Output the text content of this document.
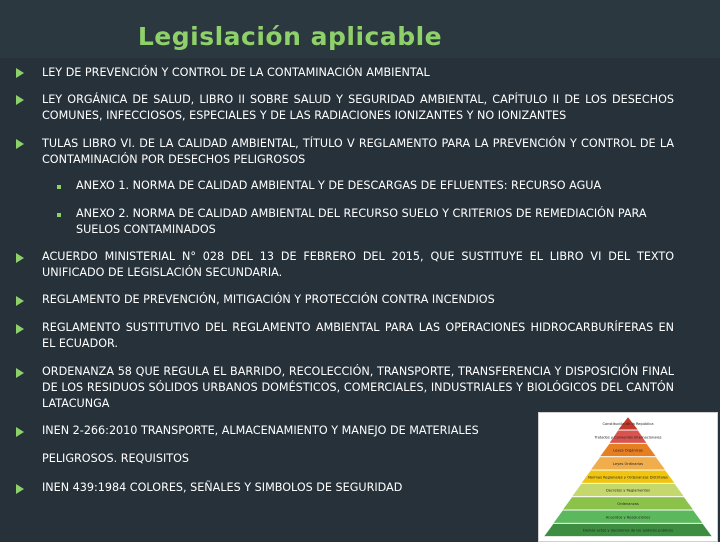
Legislación aplicable
LEY DE PREVENCIÓN Y CONTROL DE LA CONTAMINACIÓN AMBIENTAL
LEY ORGÁNICA DE SALUD, LIBRO II SOBRE SALUD Y SEGURIDAD AMBIENTAL, CAPÍTULO II DE LOS DESECHOS COMUNES, INFECCIOSOS, ESPECIALES Y DE LAS RADIACIONES IONIZANTES Y NO IONIZANTES
TULAS LIBRO VI. DE LA CALIDAD AMBIENTAL, TÍTULO V REGLAMENTO PARA LA PREVENCIÓN Y CONTROL DE LA CONTAMINACIÓN POR DESECHOS PELIGROSOS
ANEXO 1. NORMA DE CALIDAD AMBIENTAL Y DE DESCARGAS DE EFLUENTES: RECURSO AGUA
ANEXO 2. NORMA DE CALIDAD AMBIENTAL DEL RECURSO SUELO Y CRITERIOS DE REMEDIACIÓN PARA SUELOS CONTAMINADOS
ACUERDO MINISTERIAL N° 028 DEL 13 DE FEBRERO DEL 2015, QUE SUSTITUYE EL LIBRO VI DEL TEXTO UNIFICADO DE LEGISLACIÓN SECUNDARIA.
REGLAMENTO DE PREVENCIÓN, MITIGACIÓN Y PROTECCIÓN CONTRA INCENDIOS
REGLAMENTO SUSTITUTIVO DEL REGLAMENTO AMBIENTAL PARA LAS OPERACIONES HIDROCARBURÍFERAS EN EL ECUADOR.
ORDENANZA 58 QUE REGULA EL BARRIDO, RECOLECCIÓN, TRANSPORTE, TRANSFERENCIA Y DISPOSICIÓN FINAL DE LOS RESIDUOS SÓLIDOS URBANOS DOMÉSTICOS, COMERCIALES, INDUSTRIALES Y BIOLÓGICOS DEL CANTÓN LATACUNGA
INEN 2-266:2010 TRANSPORTE, ALMACENAMIENTO Y MANEJO DE MATERIALES
PELIGROSOS. REQUISITOS
INEN 439:1984 COLORES, SEÑALES Y SIMBOLOS DE SEGURIDAD
Constitución de la República
Tratados y Convenios Internacionales
Leyes Orgánicas
Leyes Ordinarias
Normas Regionales y Ordenanzas Distritales
Decretos y Reglamentos
Ordenanzas
Acuerdos y Resoluciones
Demás actos y decisiones de los poderes públicos
